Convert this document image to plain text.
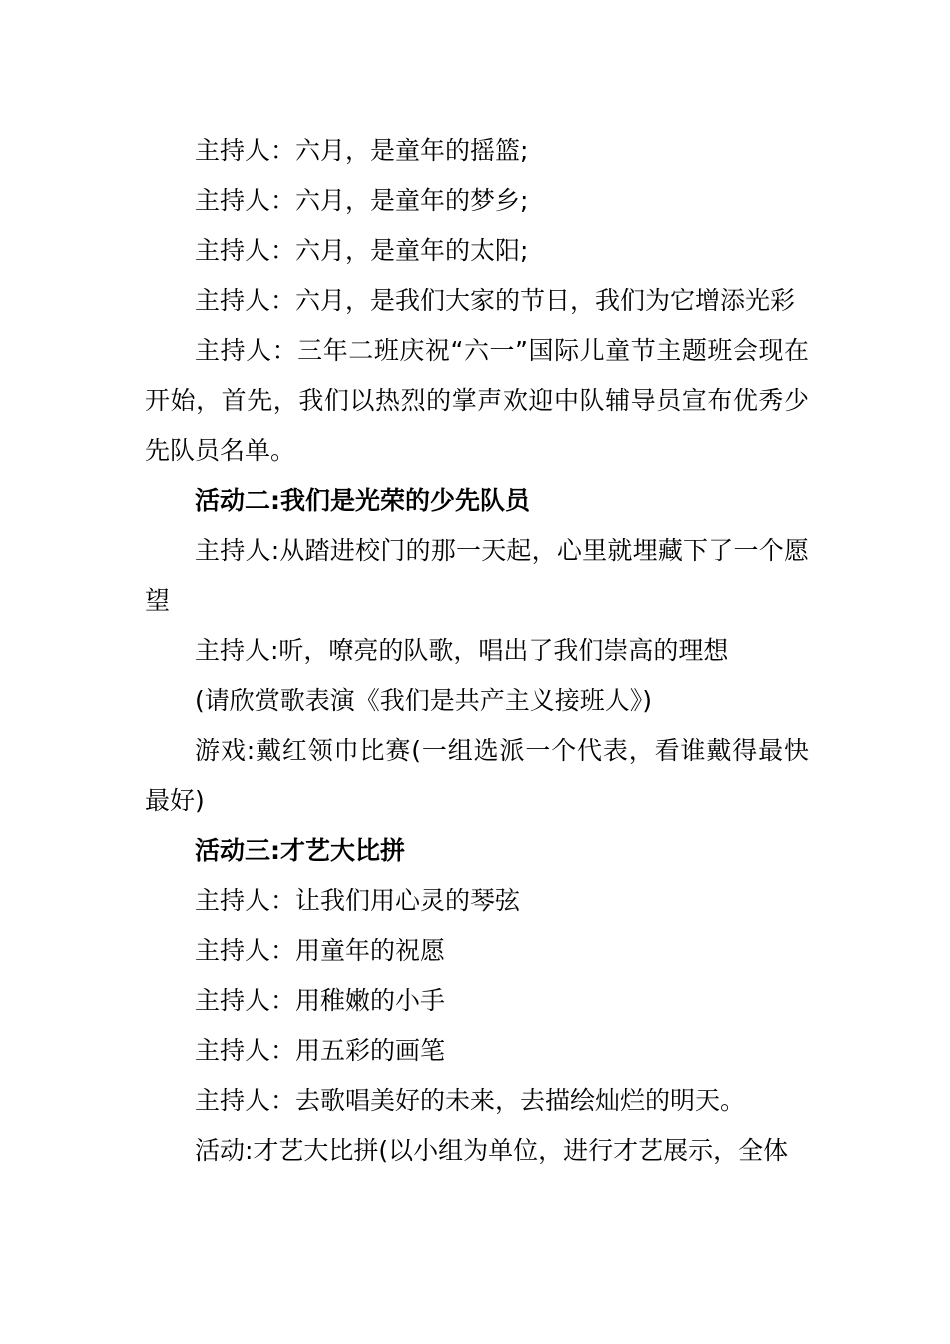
主持人：六月，是童年的摇篮;

主持人：六月，是童年的梦乡;

主持人：六月，是童年的太阳;

主持人：六月，是我们大家的节日，我们为它增添光彩

主持人：三年二班庆祝“六一”国际儿童节主题班会现在开始，首先，我们以热烈的掌声欢迎中队辅导员宣布优秀少先队员名单。

活动二:我们是光荣的少先队员

主持人:从踏进校门的那一天起，心里就埋藏下了一个愿望

主持人:听，嘹亮的队歌，唱出了我们崇高的理想

(请欣赏歌表演《我们是共产主义接班人》)

游戏:戴红领巾比赛(一组选派一个代表，看谁戴得最快最好)

活动三:才艺大比拼

主持人：让我们用心灵的琴弦

主持人：用童年的祝愿

主持人：用稚嫩的小手

主持人：用五彩的画笔

主持人：去歌唱美好的未来，去描绘灿烂的明天。

活动:才艺大比拼(以小组为单位，进行才艺展示，全体
